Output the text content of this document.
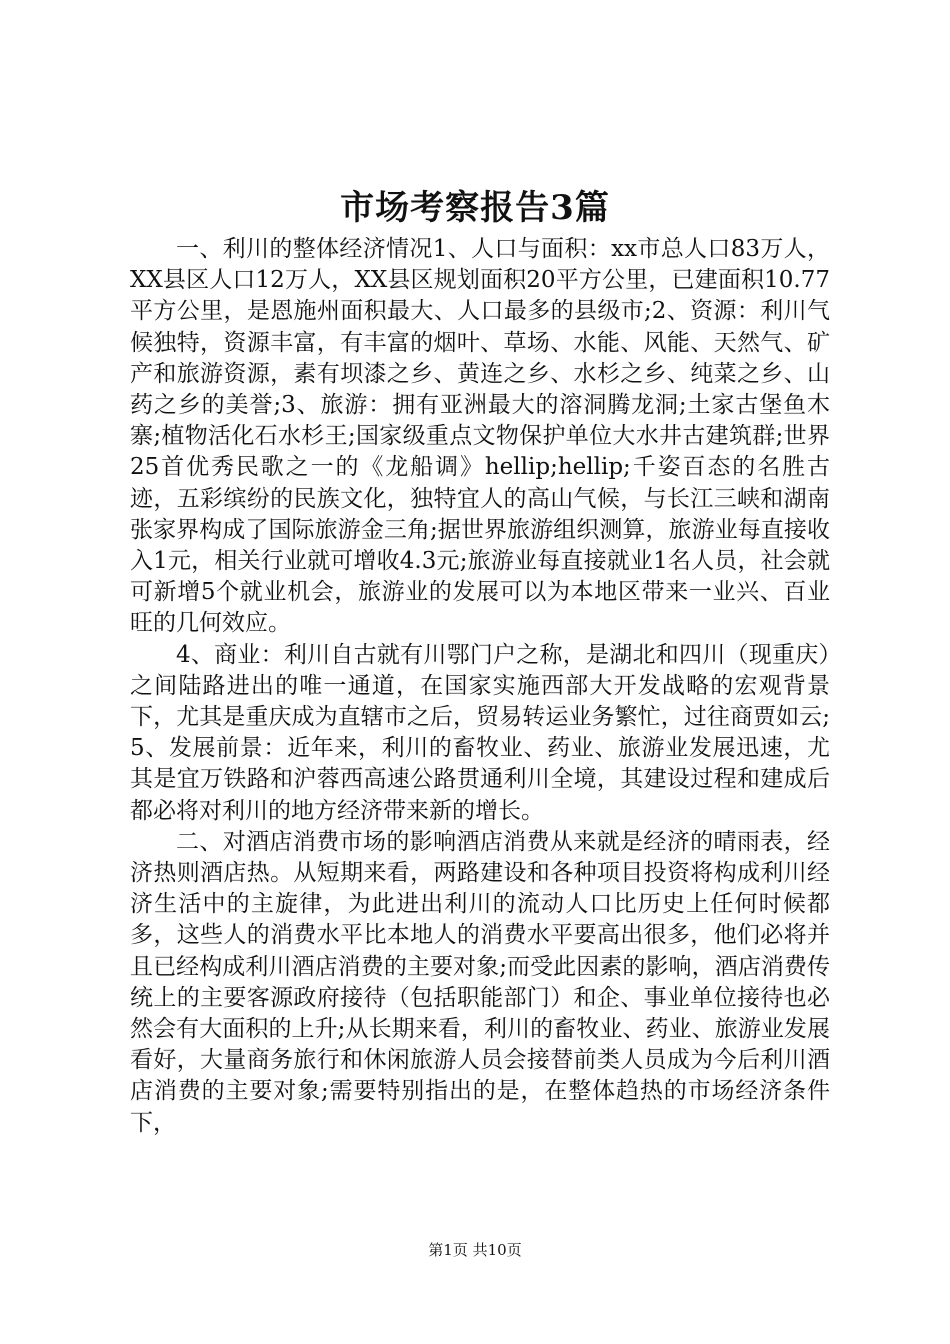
市场考察报告3篇

一、利川的整体经济情况1、人口与面积：xx市总人口83万人，XX县区人口12万人，XX县区规划面积20平方公里，已建面积10.77平方公里，是恩施州面积最大、人口最多的县级市;2、资源：利川气候独特，资源丰富，有丰富的烟叶、草场、水能、风能、天然气、矿产和旅游资源，素有坝漆之乡、黄连之乡、水杉之乡、纯菜之乡、山药之乡的美誉;3、旅游：拥有亚洲最大的溶洞腾龙洞;土家古堡鱼木寨;植物活化石水杉王;国家级重点文物保护单位大水井古建筑群;世界25首优秀民歌之一的《龙船调》hellip;hellip;千姿百态的名胜古迹，五彩缤纷的民族文化，独特宜人的高山气候，与长江三峡和湖南张家界构成了国际旅游金三角;据世界旅游组织测算，旅游业每直接收入1元，相关行业就可增收4.3元;旅游业每直接就业1名人员，社会就可新增5个就业机会，旅游业的发展可以为本地区带来一业兴、百业旺的几何效应。

4、商业：利川自古就有川鄂门户之称，是湖北和四川（现重庆）之间陆路进出的唯一通道，在国家实施西部大开发战略的宏观背景下，尤其是重庆成为直辖市之后，贸易转运业务繁忙，过往商贾如云;5、发展前景：近年来，利川的畜牧业、药业、旅游业发展迅速，尤其是宜万铁路和沪蓉西高速公路贯通利川全境，其建设过程和建成后都必将对利川的地方经济带来新的增长。

二、对酒店消费市场的影响酒店消费从来就是经济的晴雨表，经济热则酒店热。从短期来看，两路建设和各种项目投资将构成利川经济生活中的主旋律，为此进出利川的流动人口比历史上任何时候都多，这些人的消费水平比本地人的消费水平要高出很多，他们必将并且已经构成利川酒店消费的主要对象;而受此因素的影响，酒店消费传统上的主要客源政府接待（包括职能部门）和企、事业单位接待也必然会有大面积的上升;从长期来看，利川的畜牧业、药业、旅游业发展看好，大量商务旅行和休闲旅游人员会接替前类人员成为今后利川酒店消费的主要对象;需要特别指出的是，在整体趋热的市场经济条件下，

第1页 共10页
